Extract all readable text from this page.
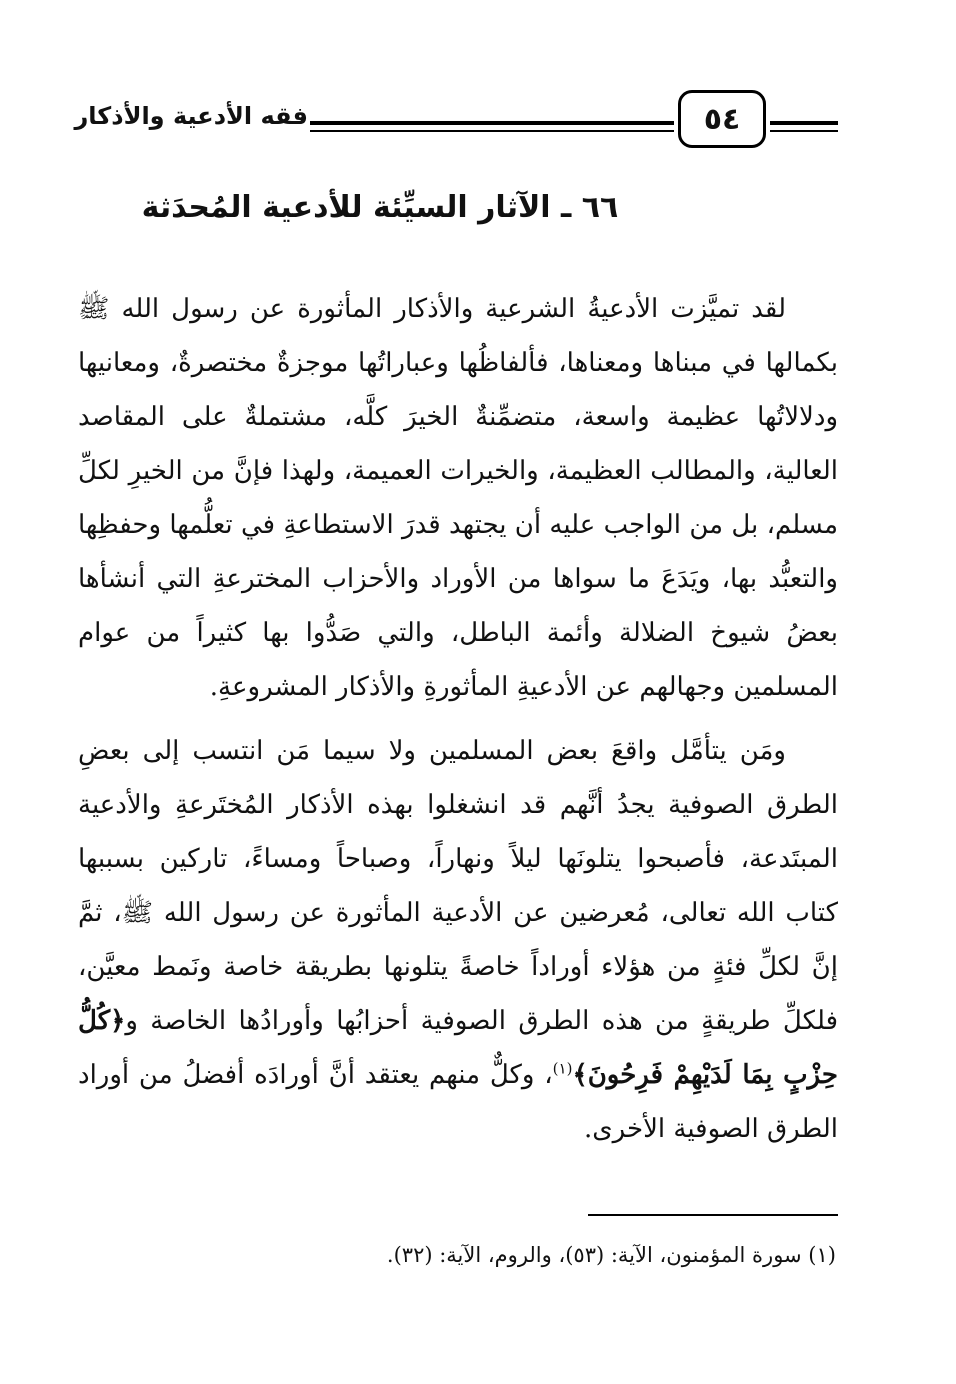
٥٤
فقه الأدعية والأذكار
٦٦ ـ الآثار السيِّئة للأدعية المُحدَثة

لقد تميَّزت الأدعيةُ الشرعية والأذكار المأثورة عن رسول الله ﷺ بكمالها في مبناها ومعناها، فألفاظُها وعباراتُها موجزةٌ مختصرةٌ، ومعانيها ودلالاتُها عظيمة واسعة، متضمِّنةٌ الخيرَ كلَّه، مشتملةٌ على المقاصد العالية، والمطالب العظيمة، والخيرات العميمة، ولهذا فإنَّ من الخيرِ لكلِّ مسلم، بل من الواجب عليه أن يجتهد قدرَ الاستطاعةِ في تعلُّمها وحفظِها والتعبُّد بها، ويَدَعَ ما سواها من الأوراد والأحزاب المخترعةِ التي أنشأها بعضُ شيوخ الضلالة وأئمة الباطل، والتي صَدُّوا بها كثيراً من عوام المسلمين وجهالهم عن الأدعيةِ المأثورةِ والأذكار المشروعةِ.

ومَن يتأمَّل واقعَ بعض المسلمين ولا سيما مَن انتسب إلى بعضِ الطرق الصوفية يجدُ أنَّهم قد انشغلوا بهذه الأذكار المُختَرعةِ والأدعية المبتَدعة، فأصبحوا يتلونَها ليلاً ونهاراً، وصباحاً ومساءً، تاركين بسببها كتاب الله تعالى، مُعرضين عن الأدعية المأثورة عن رسول الله ﷺ، ثمَّ إنَّ لكلِّ فئةٍ من هؤلاء أوراداً خاصةً يتلونها بطريقة خاصة ونَمط معيَّن، فلكلِّ طريقةٍ من هذه الطرق الصوفية أحزابُها وأورادُها الخاصة و﴿كُلُّ حِزْبٍ بِمَا لَدَيْهِمْ فَرِحُونَ﴾$^{(١)}$، وكلٌّ منهم يعتقد أنَّ أورادَه أفضلُ من أوراد الطرق الصوفية الأخرى.

(١) سورة المؤمنون، الآية: (٥٣)، والروم، الآية: (٣٢).
